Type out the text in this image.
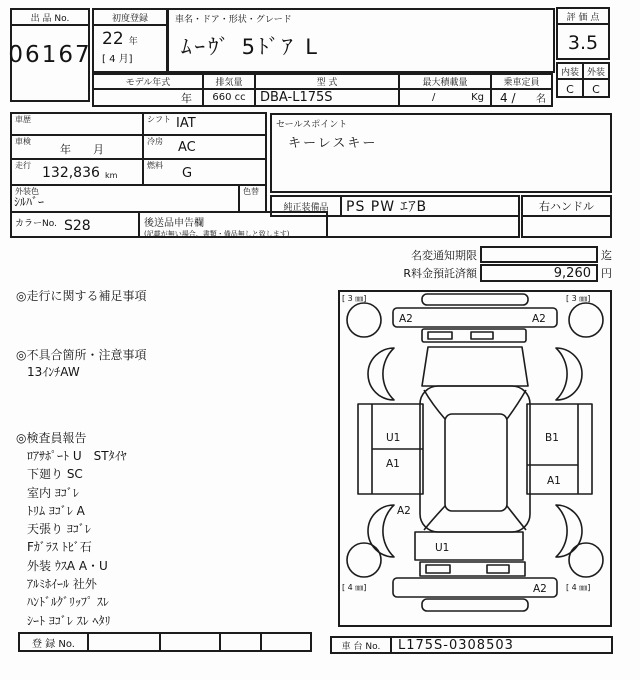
出 品 No.
06167
初度登録
22 年
[ 4 月]
車名・ドア・形状・グレード
ﾑｰｳﾞ 5ﾄﾞｱ L
モデル年式
年
排気量
660 cc
型 式
DBA-L175S
最大積載量
/	Kg
乗車定員
4 / 名
評 価 点
3.5
内装 外装
C	C
車歴	シフト IAT
車検
年　　月
冷房 AC
走行 132,836 km
燃料
G
外装色
ｼﾙﾊﾞｰ
色替
カラーNo. S28	後送品申告欄
(記載が無い場合、書類・備品無しと致します)
セールスポイント
キーレスキー
純正装備品	PS PW ｴｱB	右ハンドル
名変通知期限	迄
R料金預託済額	9,260 円
◎走行に関する補足事項
◎不具合箇所・注意事項
13ｲﾝﾁAW
◎検査員報告
ﾛｱｻﾎﾟｰﾄ U　STﾀｲﾔ
下廻り SC
室内 ﾖｺﾞﾚ
ﾄﾘﾑ ﾖｺﾞﾚ A
天張り ﾖｺﾞﾚ
Fｶﾞﾗｽ ﾄﾋﾞ石
外装 ｳｽA A・U
ｱﾙﾐﾎｲｰﾙ 社外
ﾊﾝﾄﾞﾙｸﾞﾘｯﾌﾟ ｽﾚ
ｼｰﾄ ﾖｺﾞﾚ ｽﾚ ﾍﾀﾘ
[ 3 ㎜]	[ 3 ㎜]
[ 4 ㎜]	[ 4 ㎜]
A2	A2
U1
A1
B1
A1
A2
U1
A2
登 録 No.	車 台 No.	L175S-0308503
